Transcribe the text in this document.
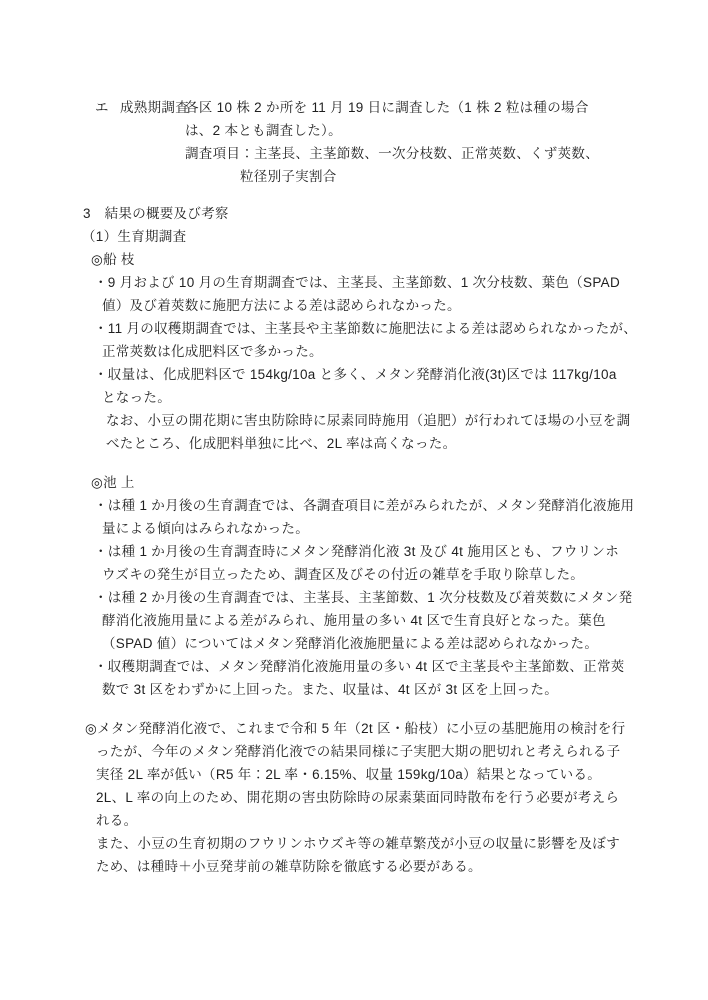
エ 成熟期調査
各区 10 株 2 か所を 11 月 19 日に調査した（1 株 2 粒は種の場合
は、2 本とも調査した）。
調査項目：主茎長、主茎節数、一次分枝数、正常莢数、くず莢数、
粒径別子実割合
3　結果の概要及び考察
（1）生育期調査
◎船 枝
・9 月および 10 月の生育期調査では、主茎長、主茎節数、1 次分枝数、葉色（SPAD
値）及び着莢数に施肥方法による差は認められなかった。
・11 月の収穫期調査では、主茎長や主茎節数に施肥法による差は認められなかったが、
正常莢数は化成肥料区で多かった。
・収量は、化成肥料区で 154kg/10a と多く、メタン発酵消化液(3t)区では 117kg/10a
となった。
なお、小豆の開花期に害虫防除時に尿素同時施用（追肥）が行われてほ場の小豆を調
べたところ、化成肥料単独に比べ、2L 率は高くなった。
◎池 上
・は種 1 か月後の生育調査では、各調査項目に差がみられたが、メタン発酵消化液施用
量による傾向はみられなかった。
・は種 1 か月後の生育調査時にメタン発酵消化液 3t 及び 4t 施用区とも、フウリンホ
ウズキの発生が目立ったため、調査区及びその付近の雑草を手取り除草した。
・は種 2 か月後の生育調査では、主茎長、主茎節数、1 次分枝数及び着莢数にメタン発
酵消化液施用量による差がみられ、施用量の多い 4t 区で生育良好となった。葉色
（SPAD 値）についてはメタン発酵消化液施肥量による差は認められなかった。
・収穫期調査では、メタン発酵消化液施用量の多い 4t 区で主茎長や主茎節数、正常莢
数で 3t 区をわずかに上回った。また、収量は、4t 区が 3t 区を上回った。
◎メタン発酵消化液で、これまで令和 5 年（2t 区・船枝）に小豆の基肥施用の検討を行
ったが、今年のメタン発酵消化液での結果同様に子実肥大期の肥切れと考えられる子
実径 2L 率が低い（R5 年：2L 率・6.15%、収量 159kg/10a）結果となっている。
2L、L 率の向上のため、開花期の害虫防除時の尿素葉面同時散布を行う必要が考えら
れる。
また、小豆の生育初期のフウリンホウズキ等の雑草繁茂が小豆の収量に影響を及ぼす
ため、は種時＋小豆発芽前の雑草防除を徹底する必要がある。
